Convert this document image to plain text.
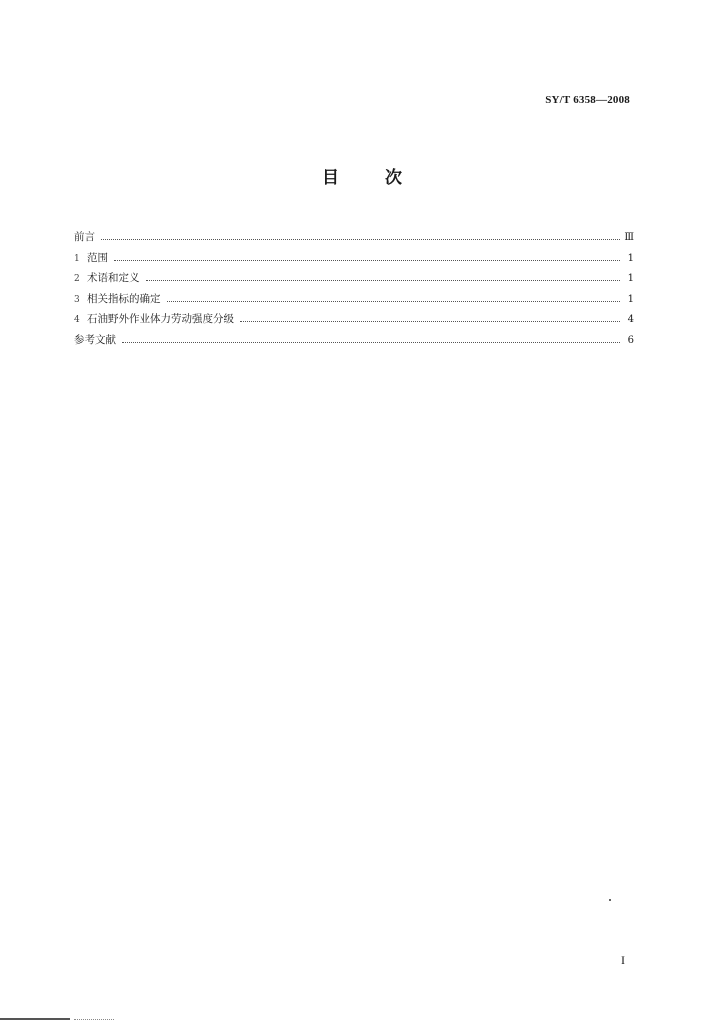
SY/T 6358—2008
目次
前言	Ⅲ
1 范围	1
2 术语和定义	1
3 相关指标的确定	1
4 石油野外作业体力劳动强度分级	4
参考文献	6
I
